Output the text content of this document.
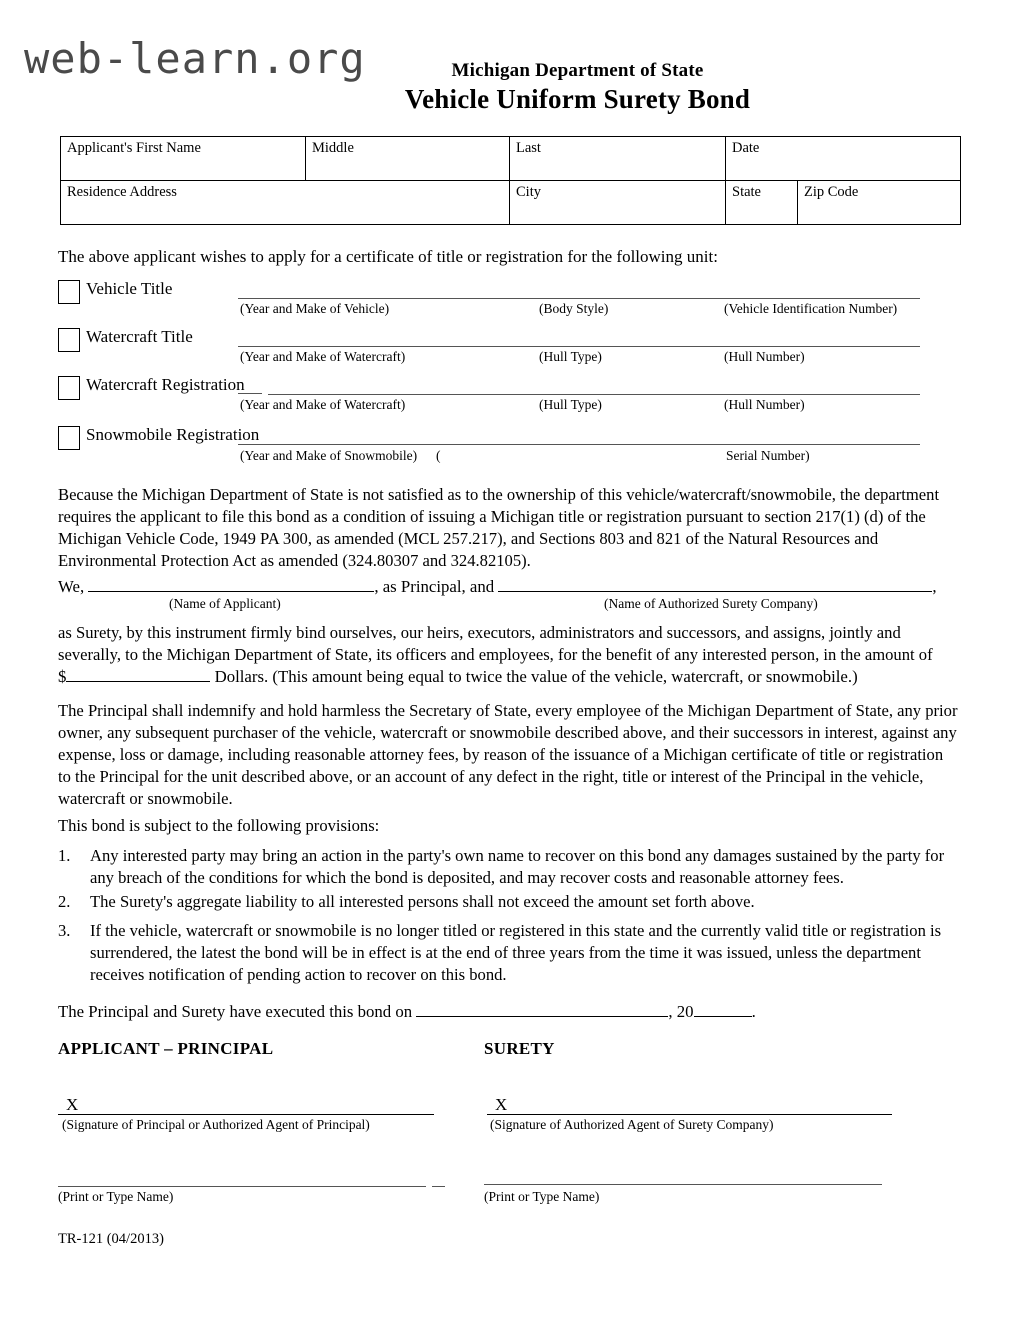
web-learn.org	Michigan Department of State
Vehicle Uniform Surety Bond
Applicant's First Name	Middle	Last	Date	
Residence Address		City	State	Zip Code
The above applicant wishes to apply for a certificate of title or registration for the following unit:
Vehicle Title
(Year and Make of Vehicle)	(Body Style)	(Vehicle Identification Number)
Watercraft Title
(Year and Make of Watercraft)	(Hull Type)	(Hull Number)
Watercraft Registration
(Year and Make of Watercraft)	(Hull Type)	(Hull Number)
Snowmobile Registration
(Year and Make of Snowmobile) (	Serial Number)
Because the Michigan Department of State is not satisfied as to the ownership of this vehicle/watercraft/snowmobile, the department requires the applicant to file this bond as a condition of issuing a Michigan title or registration pursuant to section 217(1) (d) of the Michigan Vehicle Code, 1949 PA 300, as amended (MCL 257.217), and Sections 803 and 821 of the Natural Resources and Environmental Protection Act as amended (324.80307 and 324.82105).
We,	, as Principal, and	,
(Name of Applicant)	(Name of Authorized Surety Company)
as Surety, by this instrument firmly bind ourselves, our heirs, executors, administrators and successors, and assigns, jointly and
severally, to the Michigan Department of State, its officers and employees, for the benefit of any interested person, in the amount of
$	Dollars. (This amount being equal to twice the value of the vehicle, watercraft, or snowmobile.)
The Principal shall indemnify and hold harmless the Secretary of State, every employee of the Michigan Department of State, any prior owner, any subsequent purchaser of the vehicle, watercraft or snowmobile described above, and their successors in interest, against any expense, loss or damage, including reasonable attorney fees, by reason of the issuance of a Michigan certificate of title or registration to the Principal for the unit described above, or an account of any defect in the right, title or interest of the Principal in the vehicle, watercraft or snowmobile.
This bond is subject to the following provisions:
1.	Any interested party may bring an action in the party's own name to recover on this bond any damages sustained by the party for any breach of the conditions for which the bond is deposited, and may recover costs and reasonable attorney fees.
2.	The Surety's aggregate liability to all interested persons shall not exceed the amount set forth above.
3.	If the vehicle, watercraft or snowmobile is no longer titled or registered in this state and the currently valid title or registration is surrendered, the latest the bond will be in effect is at the end of three years from the time it was issued, unless the department receives notification of pending action to recover on this bond.
The Principal and Surety have executed this bond on	, 20	.
APPLICANT – PRINCIPAL	SURETY
X
(Signature of Principal or Authorized Agent of Principal)
X
(Signature of Authorized Agent of Surety Company)
(Print or Type Name)	(Print or Type Name)
TR-121 (04/2013)
